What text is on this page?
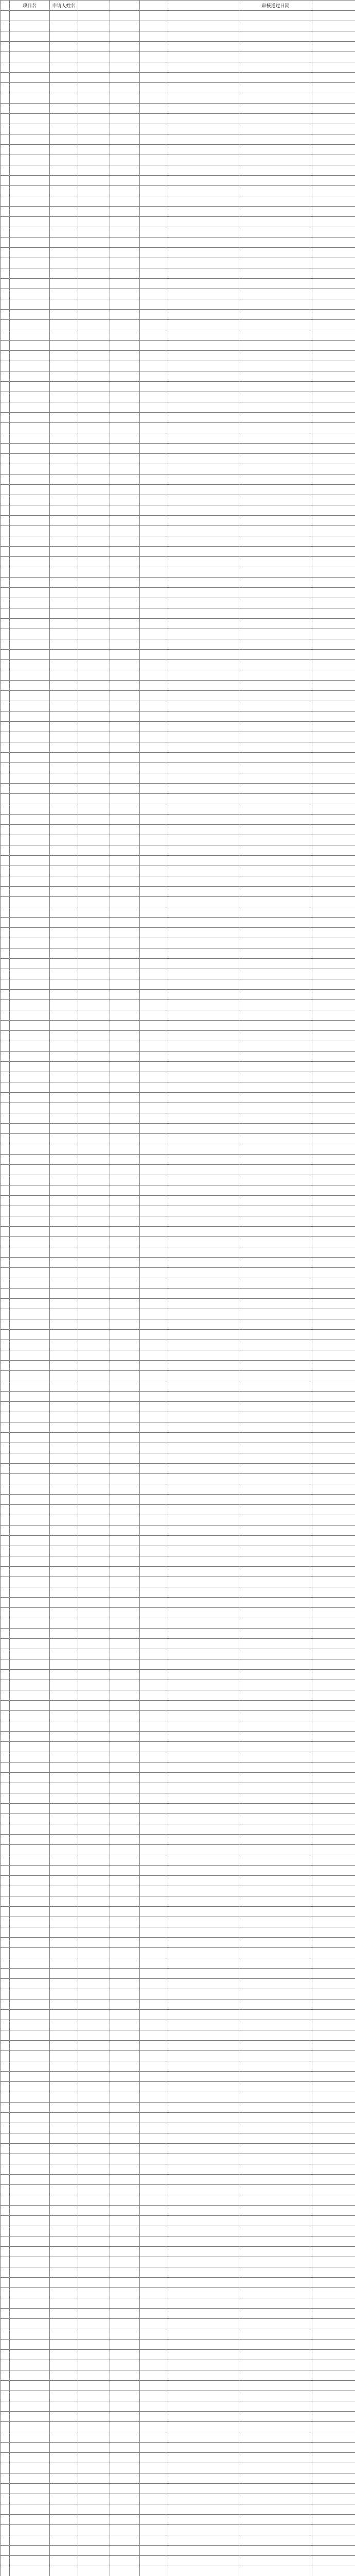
	项目名	申请人姓名					审核通过日期	
